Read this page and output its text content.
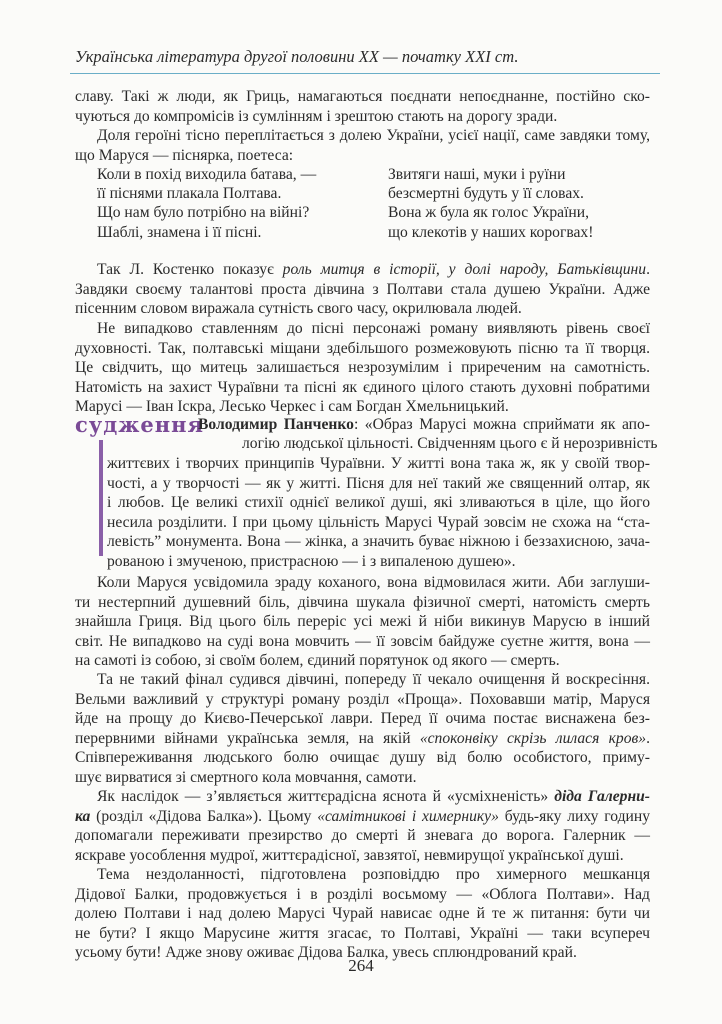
Українська література другої половини XX — початку XXI ст.
славу. Такі ж люди, як Гриць, намагаються поєднати непоєднанне, постійно ско-
чуються до компромісів із сумлінням і зрештою стають на дорогу зради.
Доля героїні тісно переплітається з долею України, усієї нації, саме завдяки тому,
що Маруся — піснярка, поетеса:
Коли в похід виходила батава, —
її піснями плакала Полтава.
Що нам було потрібно на війні?
Шаблі, знамена і її пісні.
Звитяги наші, муки і руїни
безсмертні будуть у її словах.
Вона ж була як голос України,
що клекотів у наших корогвах!
Так Л. Костенко показує роль митця в історії, у долі народу, Батьківщини.
Завдяки своєму талантові проста дівчина з Полтави стала душею України. Адже
пісенним словом виражала сутність свого часу, окрилювала людей.
Не випадково ставленням до пісні персонажі роману виявляють рівень своєї
духовності. Так, полтавські міщани здебільшого розмежовують пісню та її творця.
Це свідчить, що митець залишається незрозумілим і приреченим на самотність.
Натомість на захист Чураївни та пісні як єдиного цілого стають духовні побратими
Марусі — Іван Іскра, Лесько Черкес і сам Богдан Хмельницький.
судження
Володимир Панченко: «Образ Марусі можна сприймати як апо-
логію людської цільності. Свідченням цього є й нерозривність
життєвих і творчих принципів Чураївни. У житті вона така ж, як у своїй твор-
чості, а у творчості — як у житті. Пісня для неї такий же священний олтар, як
і любов. Це великі стихії однієї великої душі, які зливаються в ціле, що його
несила розділити. І при цьому цільність Марусі Чурай зовсім не схожа на “ста-
левість” монумента. Вона — жінка, а значить буває ніжною і беззахисною, зача-
рованою і змученою, пристрасною — і з випаленою душею».
Коли Маруся усвідомила зраду коханого, вона відмовилася жити. Аби заглуши-
ти нестерпний душевний біль, дівчина шукала фізичної смерті, натомість смерть
знайшла Гриця. Від цього біль переріс усі межі й ніби викинув Марусю в інший
світ. Не випадково на суді вона мовчить — її зовсім байдуже суєтне життя, вона —
на самоті із собою, зі своїм болем, єдиний порятунок од якого — смерть.
Та не такий фінал судився дівчині, попереду її чекало очищення й воскресіння.
Вельми важливий у структурі роману розділ «Проща». Поховавши матір, Маруся
йде на прощу до Києво-Печерської лаври. Перед її очима постає виснажена без-
перервними війнами українська земля, на якій «споконвіку скрізь лилася кров».
Співпереживання людського болю очищає душу від болю особистого, приму-
шує вирватися зі смертного кола мовчання, самоти.
Як наслідок — з’являється життєрадісна яснота й «усміхненість» діда Галерни-
ка (розділ «Дідова Балка»). Цьому «самітникові і химернику» будь-яку лиху годину
допомагали переживати презирство до смерті й зневага до ворога. Галерник —
яскраве уособлення мудрої, життєрадісної, завзятої, невмирущої української душі.
Тема нездоланності, підготовлена розповіддю про химерного мешканця
Дідової Балки, продовжується і в розділі восьмому — «Облога Полтави». Над
долею Полтави і над долею Марусі Чурай нависає одне й те ж питання: бути чи
не бути? І якщо Марусине життя згасає, то Полтаві, Україні — таки всупереч
усьому бути! Адже знову оживає Дідова Балка, увесь сплюндрований край.
264
